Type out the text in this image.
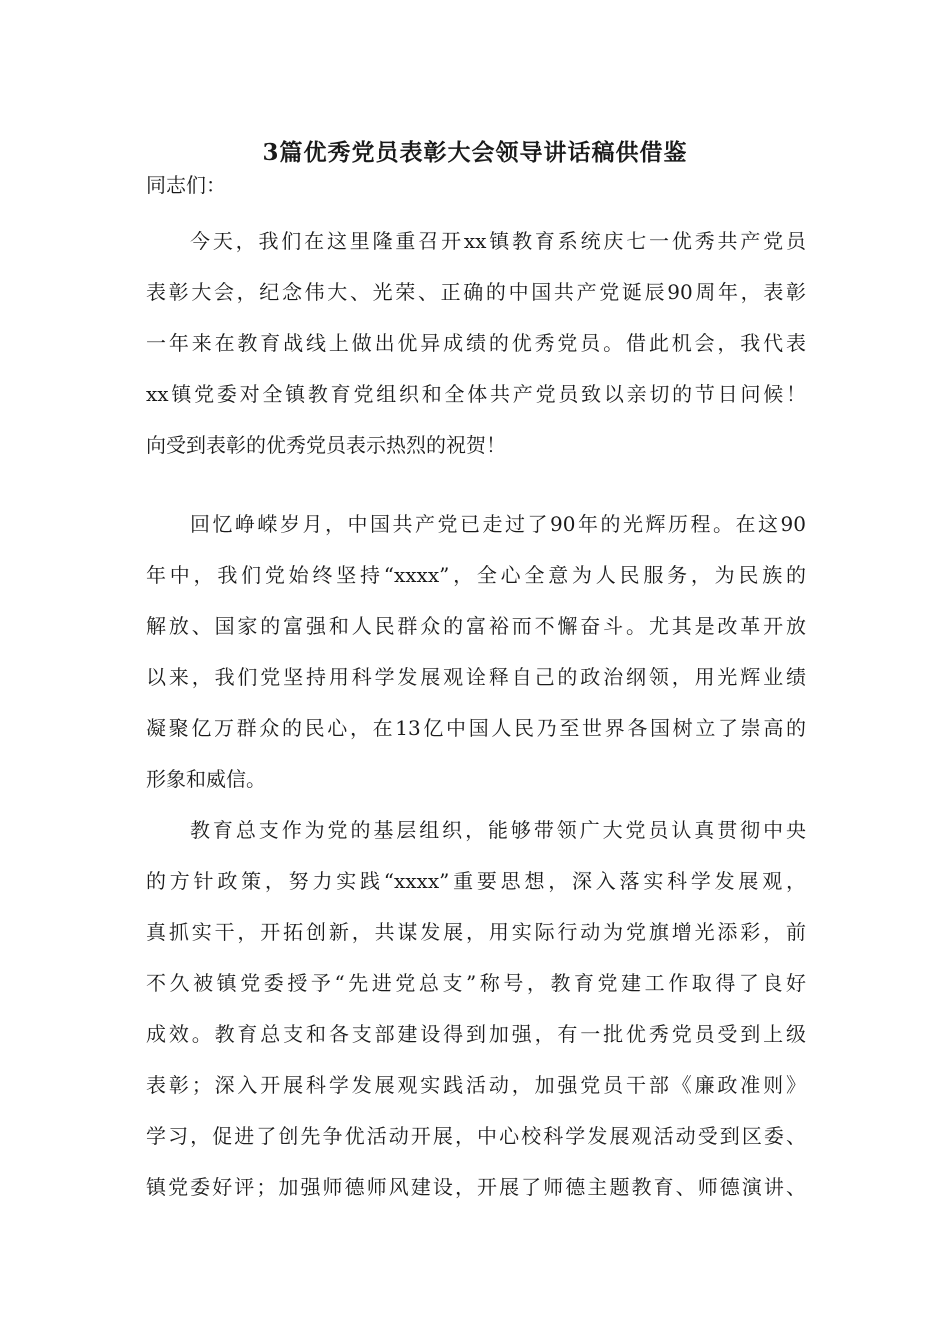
3篇优秀党员表彰大会领导讲话稿供借鉴
同志们：
今天，我们在这里隆重召开xx镇教育系统庆七一优秀共产党员
表彰大会，纪念伟大、光荣、正确的中国共产党诞辰90周年，表彰
一年来在教育战线上做出优异成绩的优秀党员。借此机会，我代表
xx镇党委对全镇教育党组织和全体共产党员致以亲切的节日问候！
向受到表彰的优秀党员表示热烈的祝贺！
回忆峥嵘岁月，中国共产党已走过了90年的光辉历程。在这90
年中，我们党始终坚持“xxxx”，全心全意为人民服务，为民族的
解放、国家的富强和人民群众的富裕而不懈奋斗。尤其是改革开放
以来，我们党坚持用科学发展观诠释自己的政治纲领，用光辉业绩
凝聚亿万群众的民心，在13亿中国人民乃至世界各国树立了崇高的
形象和威信。
教育总支作为党的基层组织，能够带领广大党员认真贯彻中央
的方针政策，努力实践“xxxx”重要思想，深入落实科学发展观，
真抓实干，开拓创新，共谋发展，用实际行动为党旗增光添彩，前
不久被镇党委授予“先进党总支”称号，教育党建工作取得了良好
成效。教育总支和各支部建设得到加强，有一批优秀党员受到上级
表彰；深入开展科学发展观实践活动，加强党员干部《廉政准则》
学习，促进了创先争优活动开展，中心校科学发展观活动受到区委、
镇党委好评；加强师德师风建设，开展了师德主题教育、师德演讲、
